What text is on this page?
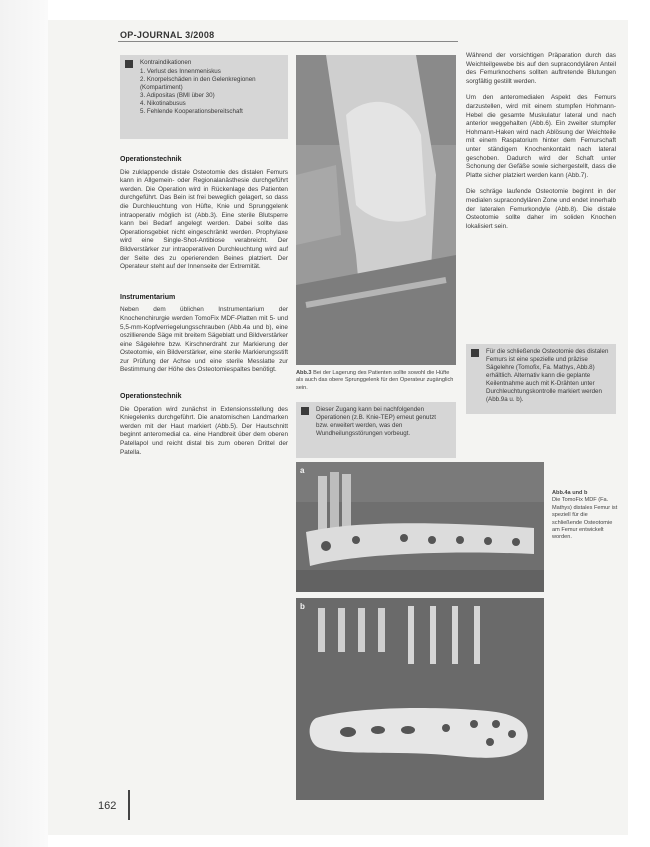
OP-JOURNAL 3/2008
Kontraindikationen
1. Verlust des Innenmeniskus
2. Knorpelschäden in den Gelenkregionen (Kompartiment)
3. Adipositas (BMI über 30)
4. Nikotinabusus
5. Fehlende Kooperationsbereitschaft
Operationstechnik

Die zuklappende distale Osteotomie des distalen Femurs kann in Allgemein- oder Regionalanästhesie durchgeführt werden. Die Operation wird in Rückenlage des Patienten durchgeführt. Das Bein ist frei beweglich gelagert, so dass die Durchleuchtung von Hüfte, Knie und Sprunggelenk intraoperativ möglich ist (Abb.3). Eine sterile Blutsperre kann bei Bedarf angelegt werden. Dabei sollte das Operationsgebiet nicht eingeschränkt werden. Prophylaxe wird eine Single-Shot-Antibiose verabreicht. Der Bildverstärker zur intraoperativen Durchleuchtung wird auf der Seite des zu operierenden Beines platziert. Der Operateur steht auf der Innenseite der Extremität.

Instrumentarium

Neben dem üblichen Instrumentarium der Knochenchirurgie werden TomoFix MDF-Platten mit 5- und 5,5-mm-Kopfverriegelungsschrauben (Abb.4a und b), eine oszillierende Säge mit breitem Sägeblatt und Bildverstärker eine Sägelehre bzw. Kirschnerdraht zur Markierung der Osteotomie, ein Bildverstärker, eine sterile Markierungsstift zur Prüfung der Achse und eine sterile Messlatte zur Bestimmung der Höhe des Osteotomiespaltes benötigt.

Operationstechnik

Die Operation wird zunächst in Extensionsstellung des Kniegelenks durchgeführt. Die anatomischen Landmarken werden mit der Haut markiert (Abb.5). Der Hautschnitt beginnt anteromedial ca. eine Handbreit über dem oberen Patellapol und reicht distal bis zum oberen Drittel der Patella.

Abb.3 Bei der Lagerung des Patienten sollte sowohl die Hüfte als auch das obere Sprunggelenk für den Operateur zugänglich sein.
Dieser Zugang kann bei nachfolgenden Operationen (z.B. Knie-TEP) erneut genutzt bzw. erweitert werden, was den Wundheilungsstörungen vorbeugt.

Während der vorsichtigen Präparation durch das Weichteilgewebe bis auf den supracondylären Anteil des Femurknochens sollten auftretende Blutungen sorgfältig gestillt werden.

Um den anteromedialen Aspekt des Femurs darzustellen, wird mit einem stumpfen Hohmann-Hebel die gesamte Muskulatur lateral und nach anterior weggehalten (Abb.6). Ein zweiter stumpfer Hohmann-Haken wird nach Ablösung der Weichteile mit einem Raspatorium hinter dem Femurschaft unter ständigem Knochenkontakt nach lateral geschoben. Dadurch wird der Schaft unter Schonung der Gefäße sowie sichergestellt, dass die Platte sicher platziert werden kann (Abb.7).

Die schräge laufende Osteotomie beginnt in der medialen supracondylären Zone und endet innerhalb der lateralen Femurkondyle (Abb.8). Die distale Osteotomie sollte daher im soliden Knochen lokalisiert sein.

Für die schließende Osteotomie des distalen Femurs ist eine spezielle und präzise Sägelehre (Tomofix, Fa. Mathys, Abb.8) erhältlich. Alternativ kann die geplante Keilentnahme auch mit K-Drähten unter Durchleuchtungskontrolle markiert werden (Abb.9a u. b).
a
b
Abb.4a und b
Die TomoFix MDF (Fa. Mathys) distales Femur ist speziell für die schließende Osteotomie am Femur entwickelt worden.
162
